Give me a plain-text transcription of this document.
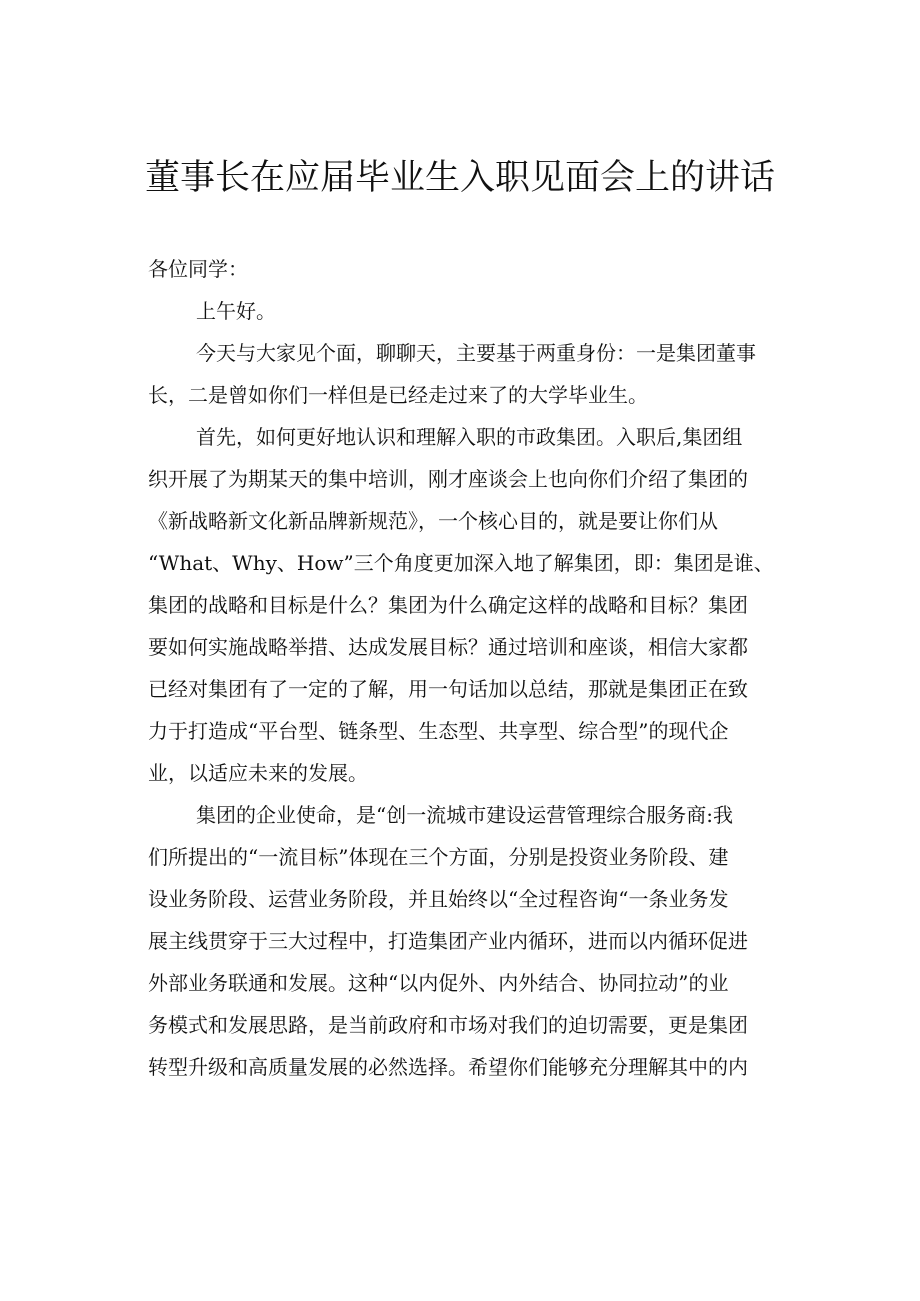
董事长在应届毕业生入职见面会上的讲话
各位同学：
上午好。
今天与大家见个面，聊聊天，主要基于两重身份：一是集团董事
长，二是曾如你们一样但是已经走过来了的大学毕业生。
首先，如何更好地认识和理解入职的市政集团。入职后,集团组
织开展了为期某天的集中培训，刚才座谈会上也向你们介绍了集团的
《新战略新文化新品牌新规范》，一个核心目的，就是要让你们从
“What、Why、How”三个角度更加深入地了解集团，即：集团是谁、
集团的战略和目标是什么？集团为什么确定这样的战略和目标？集团
要如何实施战略举措、达成发展目标？通过培训和座谈，相信大家都
已经对集团有了一定的了解，用一句话加以总结，那就是集团正在致
力于打造成“平台型、链条型、生态型、共享型、综合型”的现代企
业，以适应未来的发展。
集团的企业使命，是“创一流城市建设运营管理综合服务商:我
们所提出的“一流目标”体现在三个方面，分别是投资业务阶段、建
设业务阶段、运营业务阶段，并且始终以“全过程咨询“一条业务发
展主线贯穿于三大过程中，打造集团产业内循环，进而以内循环促进
外部业务联通和发展。这种“以内促外、内外结合、协同拉动”的业
务模式和发展思路，是当前政府和市场对我们的迫切需要，更是集团
转型升级和高质量发展的必然选择。希望你们能够充分理解其中的内
